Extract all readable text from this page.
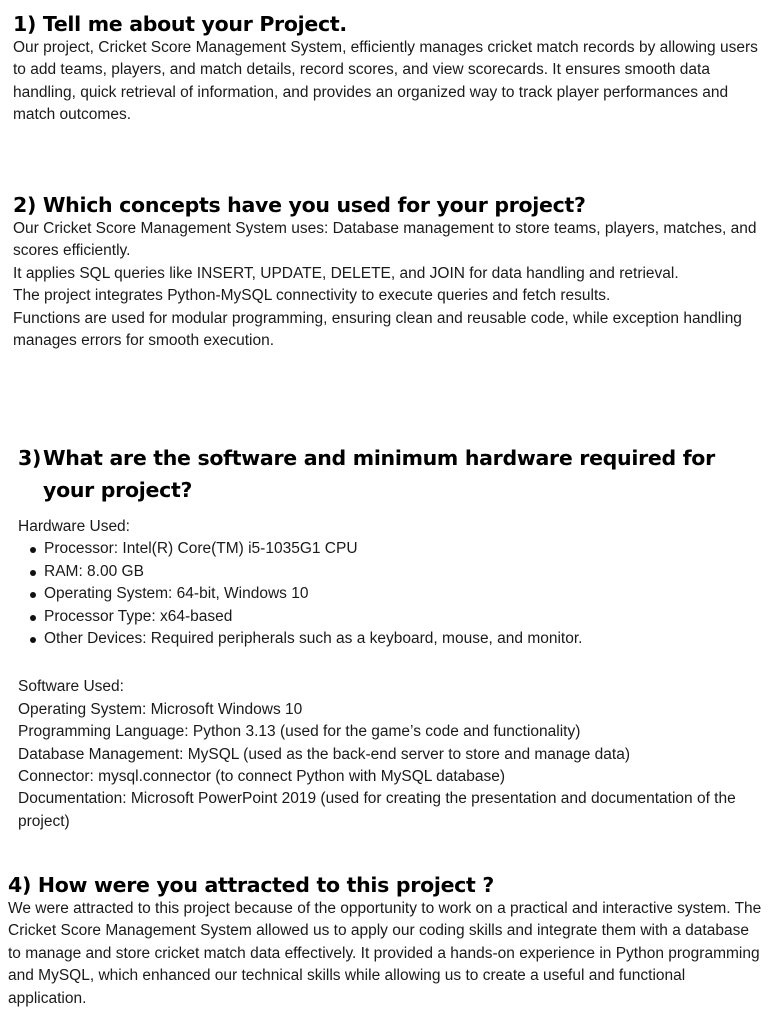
1) Tell me about your Project.

Our project, Cricket Score Management System, efficiently manages cricket match records by allowing users to add teams, players, and match details, record scores, and view scorecards. It ensures smooth data handling, quick retrieval of information, and provides an organized way to track player performances and match outcomes.

2) Which concepts have you used for your project?

Our Cricket Score Management System uses: Database management to store teams, players, matches, and scores efficiently.

It applies SQL queries like INSERT, UPDATE, DELETE, and JOIN for data handling and retrieval.

The project integrates Python-MySQL connectivity to execute queries and fetch results.

Functions are used for modular programming, ensuring clean and reusable code, while exception handling manages errors for smooth execution.

3) What are the software and minimum hardware required for your project?

Hardware Used:

Processor: Intel(R) Core(TM) i5-1035G1 CPU
RAM: 8.00 GB
Operating System: 64-bit, Windows 10
Processor Type: x64-based
Other Devices: Required peripherals such as a keyboard, mouse, and monitor.

Software Used:

Operating System: Microsoft Windows 10

Programming Language: Python 3.13 (used for the game’s code and functionality)

Database Management: MySQL (used as the back-end server to store and manage data)

Connector: mysql.connector (to connect Python with MySQL database)

Documentation: Microsoft PowerPoint 2019 (used for creating the presentation and documentation of the project)

4) How were you attracted to this project ?

We were attracted to this project because of the opportunity to work on a practical and interactive system. The Cricket Score Management System allowed us to apply our coding skills and integrate them with a database to manage and store cricket match data effectively. It provided a hands-on experience in Python programming and MySQL, which enhanced our technical skills while allowing us to create a useful and functional application.
